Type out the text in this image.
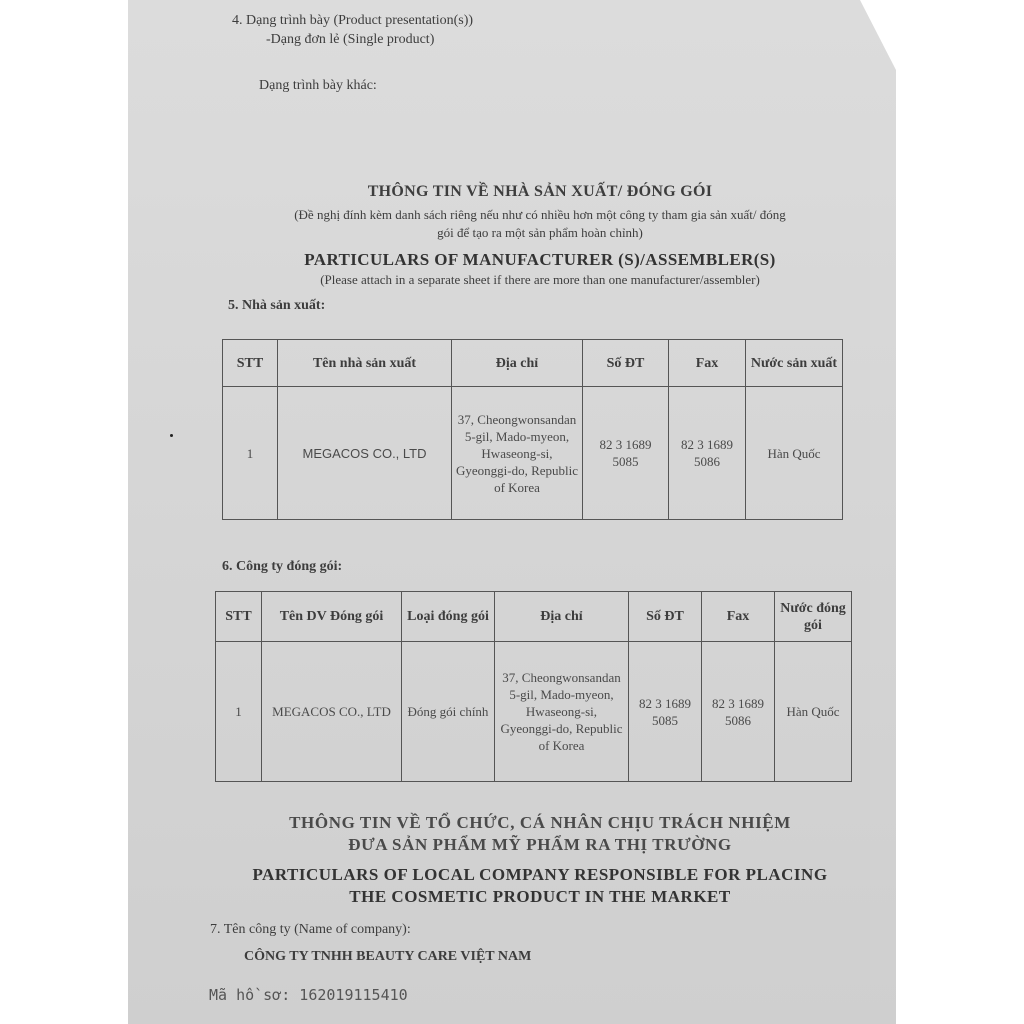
4. Dạng trình bày (Product presentation(s))
-Dạng đơn lẻ (Single product)
Dạng trình bày khác:
THÔNG TIN VỀ NHÀ SẢN XUẤT/ ĐÓNG GÓI
(Đề nghị đính kèm danh sách riêng nếu như có nhiều hơn một công ty tham gia sản xuất/ đóng
gói để tạo ra một sản phẩm hoàn chỉnh)
PARTICULARS OF MANUFACTURER (S)/ASSEMBLER(S)
(Please attach in a separate sheet if there are more than one manufacturer/assembler)
5. Nhà sản xuất:
STT	Tên nhà sản xuất	Địa chỉ	Số ĐT	Fax	Nước sản xuất
1	MEGACOS CO., LTD	37, Cheongwonsandan 5-gil, Mado-myeon, Hwaseong-si, Gyeonggi-do, Republic of Korea	82 3 1689 5085	82 3 1689 5086	Hàn Quốc
6. Công ty đóng gói:
STT	Tên DV Đóng gói	Loại đóng gói	Địa chỉ	Số ĐT	Fax	Nước đóng gói
1	MEGACOS CO., LTD	Đóng gói chính	37, Cheongwonsandan 5-gil, Mado-myeon, Hwaseong-si, Gyeonggi-do, Republic of Korea	82 3 1689 5085	82 3 1689 5086	Hàn Quốc
THÔNG TIN VỀ TỔ CHỨC, CÁ NHÂN CHỊU TRÁCH NHIỆM
ĐƯA SẢN PHẨM MỸ PHẨM RA THỊ TRƯỜNG
PARTICULARS OF LOCAL COMPANY RESPONSIBLE FOR PLACING
THE COSMETIC PRODUCT IN THE MARKET
7. Tên công ty (Name of company):
CÔNG TY TNHH BEAUTY CARE VIỆT NAM
Mã hồ sơ: 162019115410
